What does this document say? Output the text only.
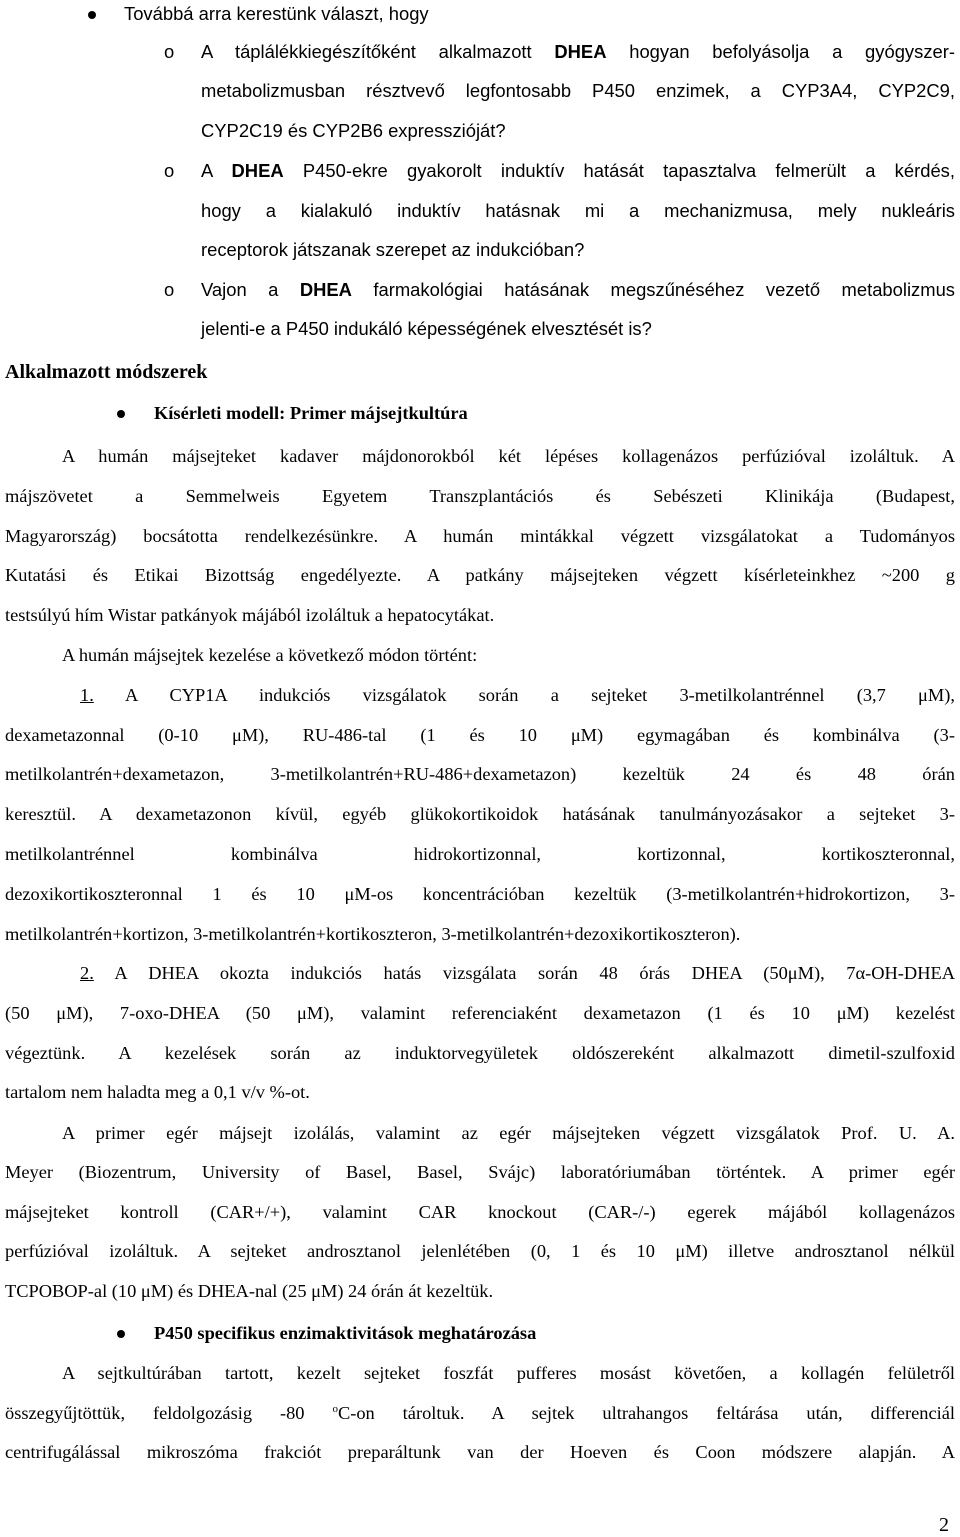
Továbbá arra kerestünk választ, hogy
o A táplálékkiegészítőként alkalmazott DHEA hogyan befolyásolja a gyógyszer-
metabolizmusban résztvevő legfontosabb P450 enzimek, a CYP3A4, CYP2C9,
CYP2C19 és CYP2B6 expresszióját?
o A DHEA P450-ekre gyakorolt induktív hatását tapasztalva felmerült a kérdés,
hogy a kialakuló induktív hatásnak mi a mechanizmusa, mely nukleáris
receptorok játszanak szerepet az indukcióban?
o Vajon a DHEA farmakológiai hatásának megszűnéséhez vezető metabolizmus
jelenti-e a P450 indukáló képességének elvesztését is?
Alkalmazott módszerek
Kísérleti modell: Primer májsejtkultúra
A humán májsejteket kadaver májdonorokból két lépéses kollagenázos perfúzióval izoláltuk. A
májszövetet a Semmelweis Egyetem Transzplantációs és Sebészeti Klinikája (Budapest,
Magyarország) bocsátotta rendelkezésünkre. A humán mintákkal végzett vizsgálatokat a Tudományos
Kutatási és Etikai Bizottság engedélyezte. A patkány májsejteken végzett kísérleteinkhez ~200 g
testsúlyú hím Wistar patkányok májából izoláltuk a hepatocytákat.
A humán májsejtek kezelése a következő módon történt:
1. A CYP1A indukciós vizsgálatok során a sejteket 3-metilkolantrénnel (3,7 μM),
dexametazonnal (0-10 μM), RU-486-tal (1 és 10 μM) egymagában és kombinálva (3-
metilkolantrén+dexametazon, 3-metilkolantrén+RU-486+dexametazon) kezeltük 24 és 48 órán
keresztül. A dexametazonon kívül, egyéb glükokortikoidok hatásának tanulmányozásakor a sejteket 3-
metilkolantrénnel kombinálva hidrokortizonnal, kortizonnal, kortikoszteronnal,
dezoxikortikoszteronnal 1 és 10 μM-os koncentrációban kezeltük (3-metilkolantrén+hidrokortizon, 3-
metilkolantrén+kortizon, 3-metilkolantrén+kortikoszteron, 3-metilkolantrén+dezoxikortikoszteron).
2. A DHEA okozta indukciós hatás vizsgálata során 48 órás DHEA (50μM), 7α-OH-DHEA
(50 μM), 7-oxo-DHEA (50 μM), valamint referenciaként dexametazon (1 és 10 μM) kezelést
végeztünk. A kezelések során az induktorvegyületek oldószereként alkalmazott dimetil-szulfoxid
tartalom nem haladta meg a 0,1 v/v %-ot.
A primer egér májsejt izolálás, valamint az egér májsejteken végzett vizsgálatok Prof. U. A.
Meyer (Biozentrum, University of Basel, Basel, Svájc) laboratóriumában történtek. A primer egér
májsejteket kontroll (CAR+/+), valamint CAR knockout (CAR-/-) egerek májából kollagenázos
perfúzióval izoláltuk. A sejteket androsztanol jelenlétében (0, 1 és 10 μM) illetve androsztanol nélkül
TCPOBOP-al (10 μM) és DHEA-nal (25 μM) 24 órán át kezeltük.
P450 specifikus enzimaktivitások meghatározása
A sejtkultúrában tartott, kezelt sejteket foszfát pufferes mosást követően, a kollagén felületről
összegyűjtöttük, feldolgozásig -80 $^o$C-on tároltuk. A sejtek ultrahangos feltárása után, differenciál
centrifugálással mikroszóma frakciót preparáltunk van der Hoeven és Coon módszere alapján. A
2
